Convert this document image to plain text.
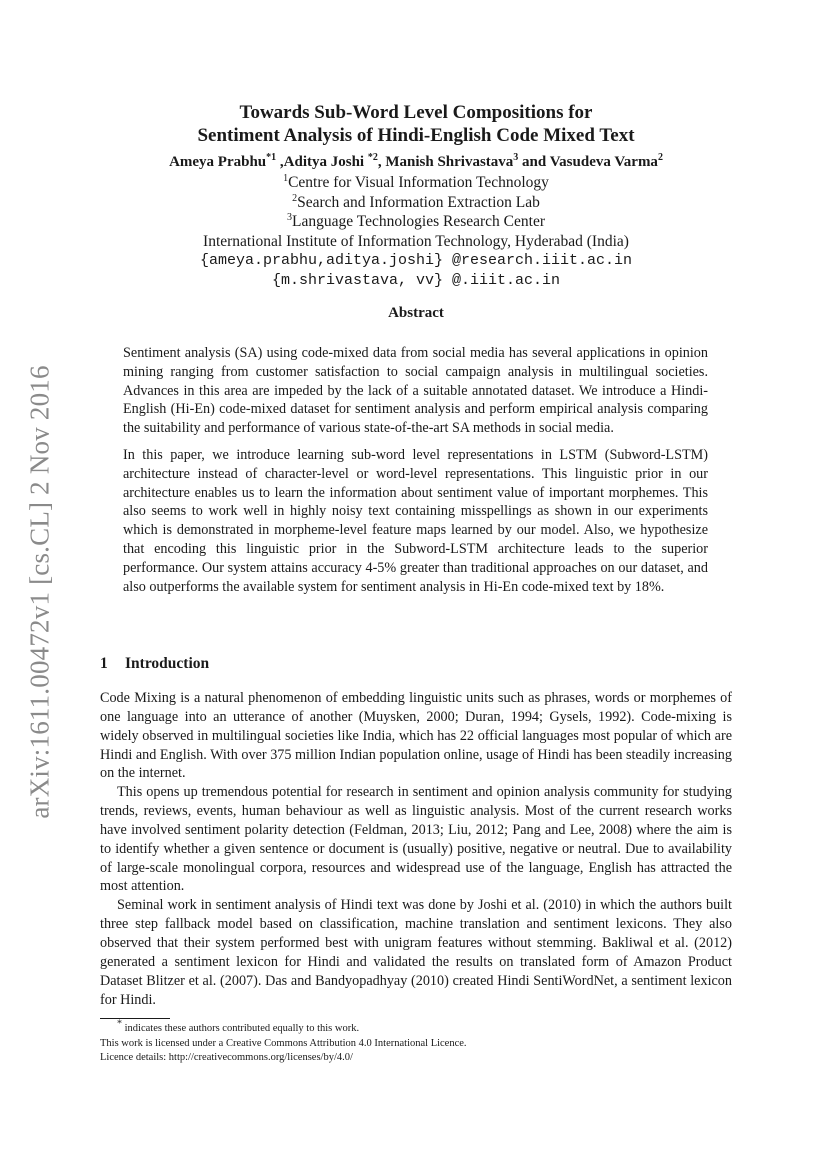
arXiv:1611.00472v1 [cs.CL] 2 Nov 2016
Towards Sub-Word Level Compositions for
Sentiment Analysis of Hindi-English Code Mixed Text
Ameya Prabhu$^{*1}$ ,Aditya Joshi $^{*2}$, Manish Shrivastava$^3$ and Vasudeva Varma$^2$
$^1$Centre for Visual Information Technology
$^2$Search and Information Extraction Lab
$^3$Language Technologies Research Center
International Institute of Information Technology, Hyderabad (India)
{ameya.prabhu,aditya.joshi} @research.iiit.ac.in
{m.shrivastava, vv} @.iiit.ac.in
Abstract

Sentiment analysis (SA) using code-mixed data from social media has several applications in opinion mining ranging from customer satisfaction to social campaign analysis in multilingual societies. Advances in this area are impeded by the lack of a suitable annotated dataset. We introduce a Hindi-English (Hi-En) code-mixed dataset for sentiment analysis and perform empirical analysis comparing the suitability and performance of various state-of-the-art SA methods in social media.

In this paper, we introduce learning sub-word level representations in LSTM (Subword-LSTM) architecture instead of character-level or word-level representations. This linguistic prior in our architecture enables us to learn the information about sentiment value of important morphemes. This also seems to work well in highly noisy text containing misspellings as shown in our experiments which is demonstrated in morpheme-level feature maps learned by our model. Also, we hypothesize that encoding this linguistic prior in the Subword-LSTM architecture leads to the superior performance. Our system attains accuracy 4-5% greater than traditional approaches on our dataset, and also outperforms the available system for sentiment analysis in Hi-En code-mixed text by 18%.

1 Introduction

Code Mixing is a natural phenomenon of embedding linguistic units such as phrases, words or morphemes of one language into an utterance of another (Muysken, 2000; Duran, 1994; Gysels, 1992). Code-mixing is widely observed in multilingual societies like India, which has 22 official languages most popular of which are Hindi and English. With over 375 million Indian population online, usage of Hindi has been steadily increasing on the internet.

This opens up tremendous potential for research in sentiment and opinion analysis community for studying trends, reviews, events, human behaviour as well as linguistic analysis. Most of the current research works have involved sentiment polarity detection (Feldman, 2013; Liu, 2012; Pang and Lee, 2008) where the aim is to identify whether a given sentence or document is (usually) positive, negative or neutral. Due to availability of large-scale monolingual corpora, resources and widespread use of the language, English has attracted the most attention.

Seminal work in sentiment analysis of Hindi text was done by Joshi et al. (2010) in which the authors built three step fallback model based on classification, machine translation and sentiment lexicons. They also observed that their system performed best with unigram features without stemming. Bakliwal et al. (2012) generated a sentiment lexicon for Hindi and validated the results on translated form of Amazon Product Dataset Blitzer et al. (2007). Das and Bandyopadhyay (2010) created Hindi SentiWordNet, a sentiment lexicon for Hindi.

* indicates these authors contributed equally to this work.
This work is licensed under a Creative Commons Attribution 4.0 International Licence.
Licence details: http://creativecommons.org/licenses/by/4.0/
